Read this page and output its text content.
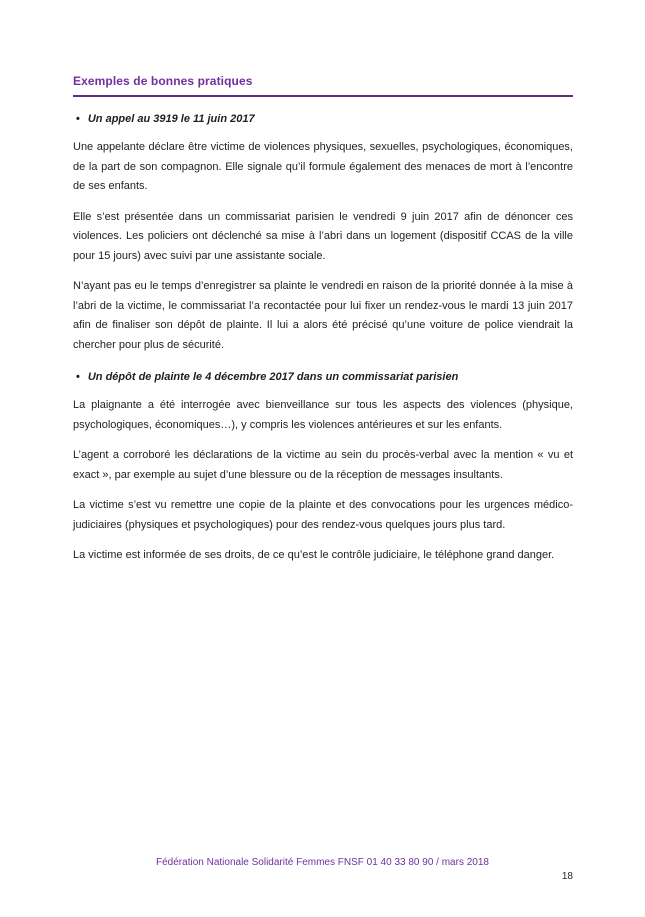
Exemples de bonnes pratiques
• Un appel au 3919 le 11 juin 2017

Une appelante déclare être victime de violences physiques, sexuelles, psychologiques, économiques, de la part de son compagnon. Elle signale qu’il formule également des menaces de mort à l’encontre de ses enfants.

Elle s’est présentée dans un commissariat parisien le vendredi 9 juin 2017 afin de dénoncer ces violences. Les policiers ont déclenché sa mise à l’abri dans un logement (dispositif CCAS de la ville pour 15 jours) avec suivi par une assistante sociale.

N’ayant pas eu le temps d’enregistrer sa plainte le vendredi en raison de la priorité donnée à la mise à l’abri de la victime, le commissariat l’a recontactée pour lui fixer un rendez-vous le mardi 13 juin 2017 afin de finaliser son dépôt de plainte. Il lui a alors été précisé qu’une voiture de police viendrait la chercher pour plus de sécurité.

• Un dépôt de plainte le 4 décembre 2017 dans un commissariat parisien

La plaignante a été interrogée avec bienveillance sur tous les aspects des violences (physique, psychologiques, économiques…), y compris les violences antérieures et sur les enfants.

L’agent a corroboré les déclarations de la victime au sein du procès-verbal avec la mention « vu et exact », par exemple au sujet d’une blessure ou de la réception de messages insultants.

La victime s’est vu remettre une copie de la plainte et des convocations pour les urgences médico-judiciaires (physiques et psychologiques) pour des rendez-vous quelques jours plus tard.

La victime est informée de ses droits, de ce qu’est le contrôle judiciaire, le téléphone grand danger.

Fédération Nationale Solidarité Femmes FNSF 01 40 33 80 90 / mars 2018
18
